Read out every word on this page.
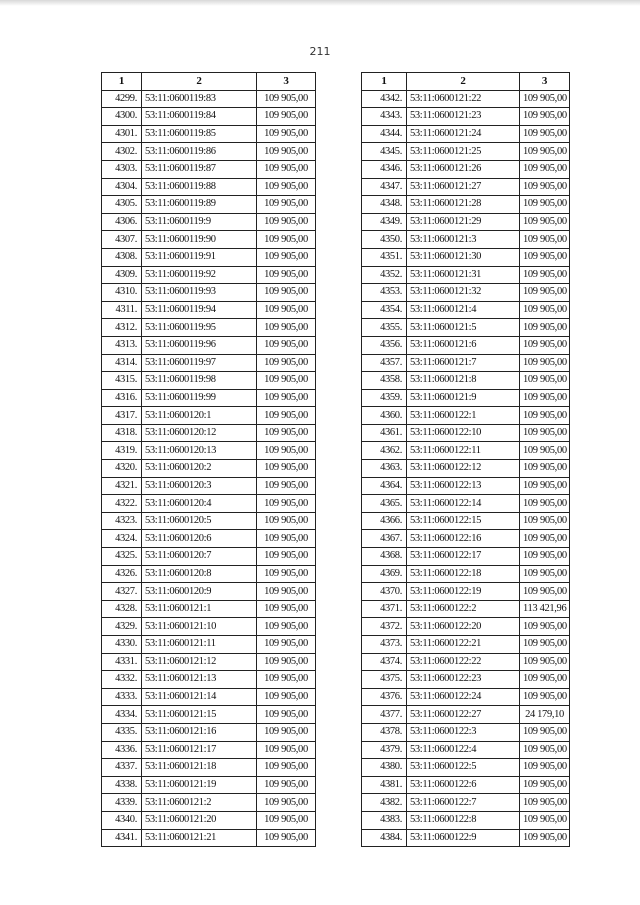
211
1	2	3
4299.	53:11:0600119:83	109 905,00
4300.	53:11:0600119:84	109 905,00
4301.	53:11:0600119:85	109 905,00
4302.	53:11:0600119:86	109 905,00
4303.	53:11:0600119:87	109 905,00
4304.	53:11:0600119:88	109 905,00
4305.	53:11:0600119:89	109 905,00
4306.	53:11:0600119:9	109 905,00
4307.	53:11:0600119:90	109 905,00
4308.	53:11:0600119:91	109 905,00
4309.	53:11:0600119:92	109 905,00
4310.	53:11:0600119:93	109 905,00
4311.	53:11:0600119:94	109 905,00
4312.	53:11:0600119:95	109 905,00
4313.	53:11:0600119:96	109 905,00
4314.	53:11:0600119:97	109 905,00
4315.	53:11:0600119:98	109 905,00
4316.	53:11:0600119:99	109 905,00
4317.	53:11:0600120:1	109 905,00
4318.	53:11:0600120:12	109 905,00
4319.	53:11:0600120:13	109 905,00
4320.	53:11:0600120:2	109 905,00
4321.	53:11:0600120:3	109 905,00
4322.	53:11:0600120:4	109 905,00
4323.	53:11:0600120:5	109 905,00
4324.	53:11:0600120:6	109 905,00
4325.	53:11:0600120:7	109 905,00
4326.	53:11:0600120:8	109 905,00
4327.	53:11:0600120:9	109 905,00
4328.	53:11:0600121:1	109 905,00
4329.	53:11:0600121:10	109 905,00
4330.	53:11:0600121:11	109 905,00
4331.	53:11:0600121:12	109 905,00
4332.	53:11:0600121:13	109 905,00
4333.	53:11:0600121:14	109 905,00
4334.	53:11:0600121:15	109 905,00
4335.	53:11:0600121:16	109 905,00
4336.	53:11:0600121:17	109 905,00
4337.	53:11:0600121:18	109 905,00
4338.	53:11:0600121:19	109 905,00
4339.	53:11:0600121:2	109 905,00
4340.	53:11:0600121:20	109 905,00
4341.	53:11:0600121:21	109 905,00
1	2	3
4342.	53:11:0600121:22	109 905,00
4343.	53:11:0600121:23	109 905,00
4344.	53:11:0600121:24	109 905,00
4345.	53:11:0600121:25	109 905,00
4346.	53:11:0600121:26	109 905,00
4347.	53:11:0600121:27	109 905,00
4348.	53:11:0600121:28	109 905,00
4349.	53:11:0600121:29	109 905,00
4350.	53:11:0600121:3	109 905,00
4351.	53:11:0600121:30	109 905,00
4352.	53:11:0600121:31	109 905,00
4353.	53:11:0600121:32	109 905,00
4354.	53:11:0600121:4	109 905,00
4355.	53:11:0600121:5	109 905,00
4356.	53:11:0600121:6	109 905,00
4357.	53:11:0600121:7	109 905,00
4358.	53:11:0600121:8	109 905,00
4359.	53:11:0600121:9	109 905,00
4360.	53:11:0600122:1	109 905,00
4361.	53:11:0600122:10	109 905,00
4362.	53:11:0600122:11	109 905,00
4363.	53:11:0600122:12	109 905,00
4364.	53:11:0600122:13	109 905,00
4365.	53:11:0600122:14	109 905,00
4366.	53:11:0600122:15	109 905,00
4367.	53:11:0600122:16	109 905,00
4368.	53:11:0600122:17	109 905,00
4369.	53:11:0600122:18	109 905,00
4370.	53:11:0600122:19	109 905,00
4371.	53:11:0600122:2	113 421,96
4372.	53:11:0600122:20	109 905,00
4373.	53:11:0600122:21	109 905,00
4374.	53:11:0600122:22	109 905,00
4375.	53:11:0600122:23	109 905,00
4376.	53:11:0600122:24	109 905,00
4377.	53:11:0600122:27	24 179,10
4378.	53:11:0600122:3	109 905,00
4379.	53:11:0600122:4	109 905,00
4380.	53:11:0600122:5	109 905,00
4381.	53:11:0600122:6	109 905,00
4382.	53:11:0600122:7	109 905,00
4383.	53:11:0600122:8	109 905,00
4384.	53:11:0600122:9	109 905,00
